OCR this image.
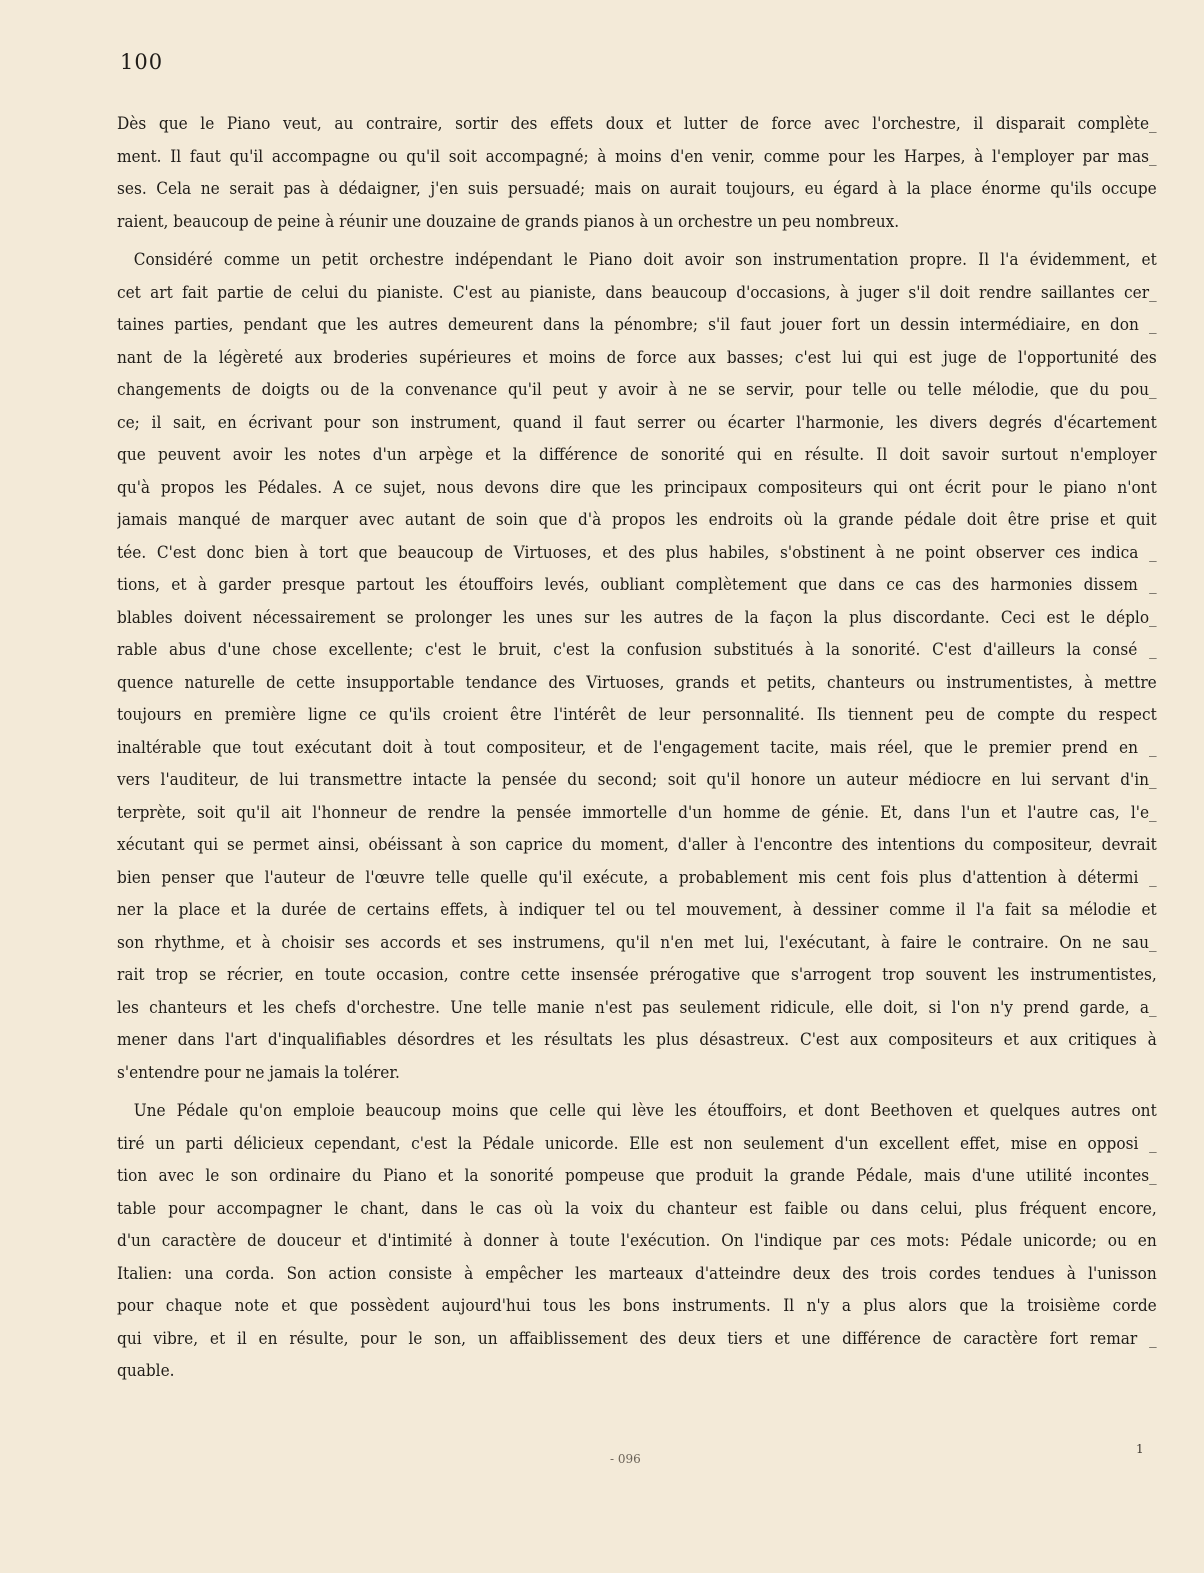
100
Dès que le Piano veut, au contraire, sortir des effets doux et lutter de force avec l'orchestre, il disparait complète_
ment. Il faut qu'il accompagne ou qu'il soit accompagné; à moins d'en venir, comme pour les Harpes, à l'employer par mas_
ses. Cela ne serait pas à dédaigner, j'en suis persuadé; mais on aurait toujours, eu égard à la place énorme qu'ils occupe
raient, beaucoup de peine à réunir une douzaine de grands pianos à un orchestre un peu nombreux.
Considéré comme un petit orchestre indépendant le Piano doit avoir son instrumentation propre. Il l'a évidemment, et
cet art fait partie de celui du pianiste. C'est au pianiste, dans beaucoup d'occasions, à juger s'il doit rendre saillantes cer_
taines parties, pendant que les autres demeurent dans la pénombre; s'il faut jouer fort un dessin intermédiaire, en don _
nant de la légèreté aux broderies supérieures et moins de force aux basses; c'est lui qui est juge de l'opportunité des
changements de doigts ou de la convenance qu'il peut y avoir à ne se servir, pour telle ou telle mélodie, que du pou_
ce; il sait, en écrivant pour son instrument, quand il faut serrer ou écarter l'harmonie, les divers degrés d'écartement
que peuvent avoir les notes d'un arpège et la différence de sonorité qui en résulte. Il doit savoir surtout n'employer
qu'à propos les Pédales. A ce sujet, nous devons dire que les principaux compositeurs qui ont écrit pour le piano n'ont
jamais manqué de marquer avec autant de soin que d'à propos les endroits où la grande pédale doit être prise et quit
tée. C'est donc bien à tort que beaucoup de Virtuoses, et des plus habiles, s'obstinent à ne point observer ces indica _
tions, et à garder presque partout les étouffoirs levés, oubliant complètement que dans ce cas des harmonies dissem _
blables doivent nécessairement se prolonger les unes sur les autres de la façon la plus discordante. Ceci est le déplo_
rable abus d'une chose excellente; c'est le bruit, c'est la confusion substitués à la sonorité. C'est d'ailleurs la consé _
quence naturelle de cette insupportable tendance des Virtuoses, grands et petits, chanteurs ou instrumentistes, à mettre
toujours en première ligne ce qu'ils croient être l'intérêt de leur personnalité. Ils tiennent peu de compte du respect
inaltérable que tout exécutant doit à tout compositeur, et de l'engagement tacite, mais réel, que le premier prend en _
vers l'auditeur, de lui transmettre intacte la pensée du second; soit qu'il honore un auteur médiocre en lui servant d'in_
terprète, soit qu'il ait l'honneur de rendre la pensée immortelle d'un homme de génie. Et, dans l'un et l'autre cas, l'e_
xécutant qui se permet ainsi, obéissant à son caprice du moment, d'aller à l'encontre des intentions du compositeur, devrait
bien penser que l'auteur de l'œuvre telle quelle qu'il exécute, a probablement mis cent fois plus d'attention à détermi _
ner la place et la durée de certains effets, à indiquer tel ou tel mouvement, à dessiner comme il l'a fait sa mélodie et
son rhythme, et à choisir ses accords et ses instrumens, qu'il n'en met lui, l'exécutant, à faire le contraire. On ne sau_
rait trop se récrier, en toute occasion, contre cette insensée prérogative que s'arrogent trop souvent les instrumentistes,
les chanteurs et les chefs d'orchestre. Une telle manie n'est pas seulement ridicule, elle doit, si l'on n'y prend garde, a_
mener dans l'art d'inqualifiables désordres et les résultats les plus désastreux. C'est aux compositeurs et aux critiques à
s'entendre pour ne jamais la tolérer.
Une Pédale qu'on emploie beaucoup moins que celle qui lève les étouffoirs, et dont Beethoven et quelques autres ont
tiré un parti délicieux cependant, c'est la Pédale unicorde. Elle est non seulement d'un excellent effet, mise en opposi _
tion avec le son ordinaire du Piano et la sonorité pompeuse que produit la grande Pédale, mais d'une utilité incontes_
table pour accompagner le chant, dans le cas où la voix du chanteur est faible ou dans celui, plus fréquent encore,
d'un caractère de douceur et d'intimité à donner à toute l'exécution. On l'indique par ces mots: Pédale unicorde; ou en
Italien: una corda. Son action consiste à empêcher les marteaux d'atteindre deux des trois cordes tendues à l'unisson
pour chaque note et que possèdent aujourd'hui tous les bons instruments. Il n'y a plus alors que la troisième corde
qui vibre, et il en résulte, pour le son, un affaiblissement des deux tiers et une différence de caractère fort remar _
quable.
- 096
1
